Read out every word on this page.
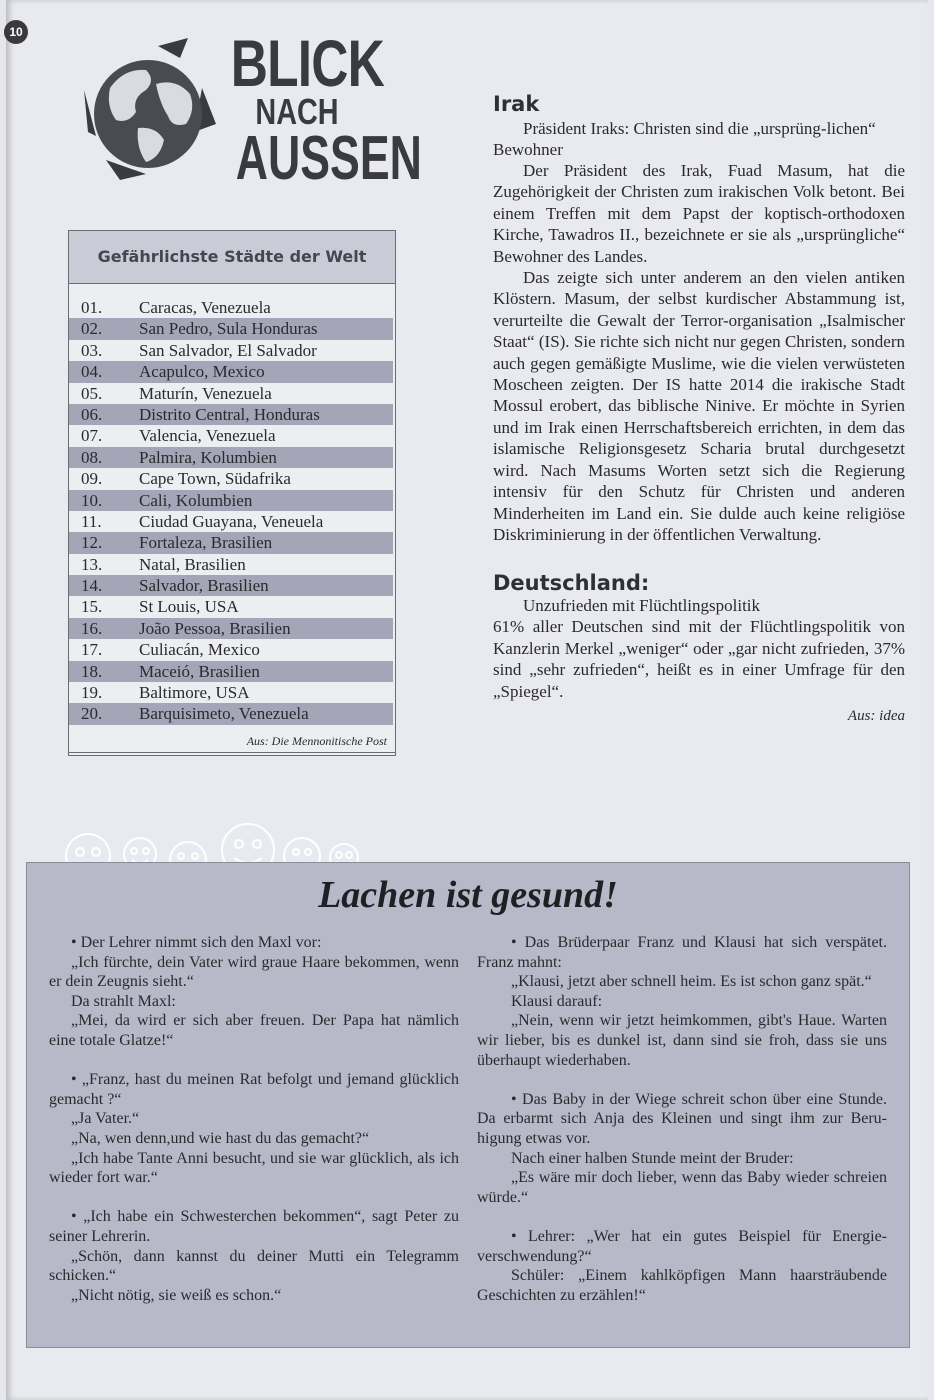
10	BLICK
NACH
AUSSEN
Gefährlichste Städte der Welt
01. Caracas, Venezuela
02. San Pedro, Sula Honduras
03. San Salvador, El Salvador
04. Acapulco, Mexico
05. Maturín, Venezuela
06. Distrito Central, Honduras
07. Valencia, Venezuela
08. Palmira, Kolumbien
09. Cape Town, Südafrika
10. Cali, Kolumbien
11. Ciudad Guayana, Veneuela
12. Fortaleza, Brasilien
13. Natal, Brasilien
14. Salvador, Brasilien
15. St Louis, USA
16. João Pessoa, Brasilien
17. Culiacán, Mexico
18. Maceió, Brasilien
19. Baltimore, USA
20. Barquisimeto, Venezuela
Aus: Die Mennonitische Post
Irak

Präsident Iraks: Christen sind die „ursprüng-lichen“ Bewohner

Der Präsident des Irak, Fuad Masum, hat die Zugehörigkeit der Christen zum irakischen Volk betont. Bei einem Treffen mit dem Papst der koptisch-orthodoxen Kirche, Tawadros II., bezeichnete er sie als „ursprüngliche“ Bewohner des Landes.

Das zeigte sich unter anderem an den vielen antiken Klöstern. Masum, der selbst kurdischer Abstammung ist, verurteilte die Gewalt der Terror-organisation „Isalmischer Staat“ (IS). Sie richte sich nicht nur gegen Christen, sondern auch gegen gemäßigte Muslime, wie die vielen verwüsteten Moscheen zeigten. Der IS hatte 2014 die irakische Stadt Mossul erobert, das biblische Ninive. Er möchte in Syrien und im Irak einen Herrschaftsbereich errichten, in dem das islamische Religionsgesetz Scharia brutal durchgesetzt wird. Nach Masums Worten setzt sich die Regierung intensiv für den Schutz für Christen und anderen Minderheiten im Land ein. Sie dulde auch keine religiöse Diskriminierung in der öffentlichen Verwaltung.

Deutschland:

Unzufrieden mit Flüchtlingspolitik

61% aller Deutschen sind mit der Flüchtlingspolitik von Kanzlerin Merkel „weniger“ oder „gar nicht zufrieden, 37% sind „sehr zufrieden“, heißt es in einer Umfrage für den „Spiegel“.

Aus: idea
Lachen ist gesund!

• Der Lehrer nimmt sich den Maxl vor:

„Ich fürchte, dein Vater wird graue Haare bekommen, wenn er dein Zeugnis sieht.“

Da strahlt Maxl:

„Mei, da wird er sich aber freuen. Der Papa hat nämlich eine totale Glatze!“

• „Franz, hast du meinen Rat befolgt und jemand glücklich gemacht ?“

„Ja Vater.“

„Na, wen denn,und wie hast du das gemacht?“

„Ich habe Tante Anni besucht, und sie war glücklich, als ich wieder fort war.“

• „Ich habe ein Schwesterchen bekommen“, sagt Peter zu seiner Lehrerin.

„Schön, dann kannst du deiner Mutti ein Telegramm schicken.“

„Nicht nötig, sie weiß es schon.“

• Das Brüderpaar Franz und Klausi hat sich verspätet. Franz mahnt:

„Klausi, jetzt aber schnell heim. Es ist schon ganz spät.“

Klausi darauf:

„Nein, wenn wir jetzt heimkommen, gibt's Haue. Warten wir lieber, bis es dunkel ist, dann sind sie froh, dass sie uns überhaupt wiederhaben.

• Das Baby in der Wiege schreit schon über eine Stunde. Da erbarmt sich Anja des Kleinen und singt ihm zur Beru-higung etwas vor.

Nach einer halben Stunde meint der Bruder:

„Es wäre mir doch lieber, wenn das Baby wieder schreien würde.“

• Lehrer: „Wer hat ein gutes Beispiel für Energie-verschwendung?“

Schüler: „Einem kahlköpfigen Mann haarsträubende Geschichten zu erzählen!“
